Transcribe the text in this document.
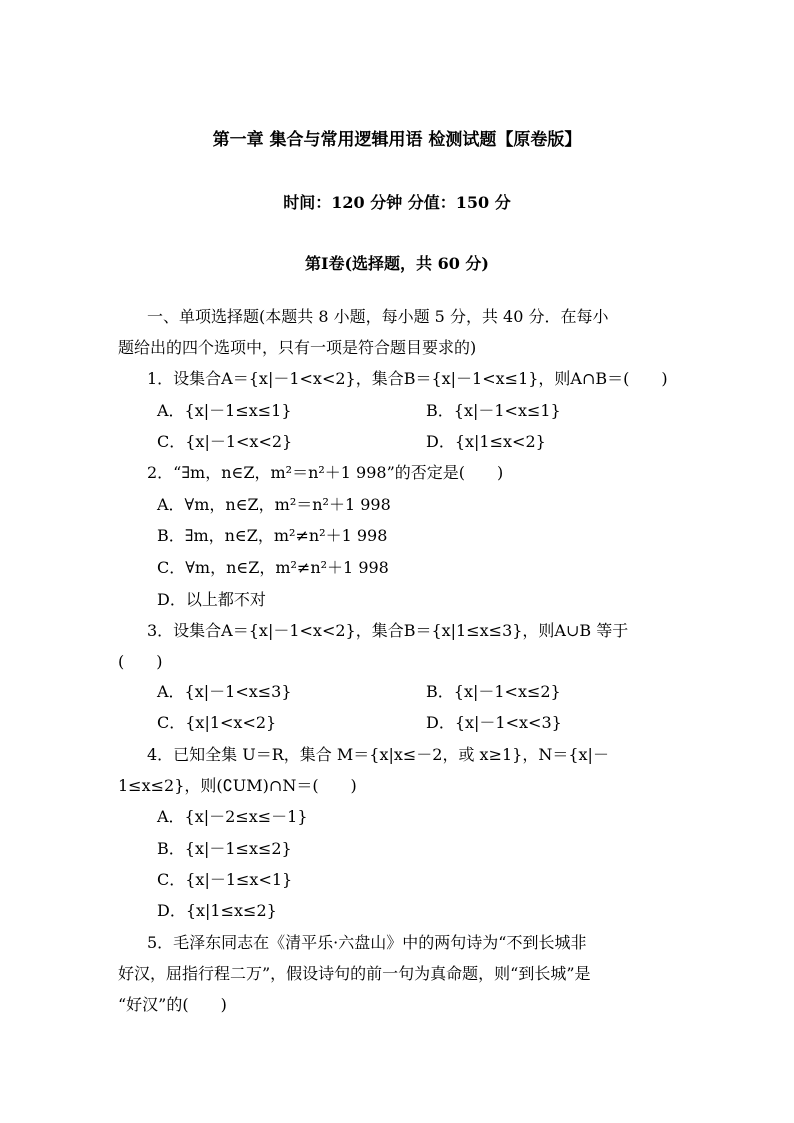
第一章 集合与常用逻辑用语 检测试题【原卷版】
时间：120 分钟 分值：150 分
第Ⅰ卷(选择题，共 60 分)
一、单项选择题(本题共 8 小题，每小题 5 分，共 40 分．在每小
题给出的四个选项中，只有一项是符合题目要求的)
1．设集合A＝{x|－1<x<2}，集合B＝{x|－1<x≤1}，则A∩B＝(　　)
A．{x|－1≤x≤1}	B．{x|－1<x≤1}
C．{x|－1<x<2}	D．{x|1≤x<2}
2．“∃m，n∈Z，m²＝n²＋1 998”的否定是(　　)
A．∀m，n∈Z，m²＝n²＋1 998
B．∃m，n∈Z，m²≠n²＋1 998
C．∀m，n∈Z，m²≠n²＋1 998
D．以上都不对
3．设集合A＝{x|－1<x<2}，集合B＝{x|1≤x≤3}，则A∪B 等于
(　　)
A．{x|－1<x≤3}	B．{x|－1<x≤2}
C．{x|1<x<2}	D．{x|－1<x<3}
4．已知全集 U＝R，集合 M＝{x|x≤－2，或 x≥1}，N＝{x|－
1≤x≤2}，则(∁UM)∩N＝(　　)
A．{x|－2≤x≤－1}
B．{x|－1≤x≤2}
C．{x|－1≤x<1}
D．{x|1≤x≤2}
5．毛泽东同志在《清平乐·六盘山》中的两句诗为“不到长城非
好汉，屈指行程二万”，假设诗句的前一句为真命题，则“到长城”是
“好汉”的(　　)
